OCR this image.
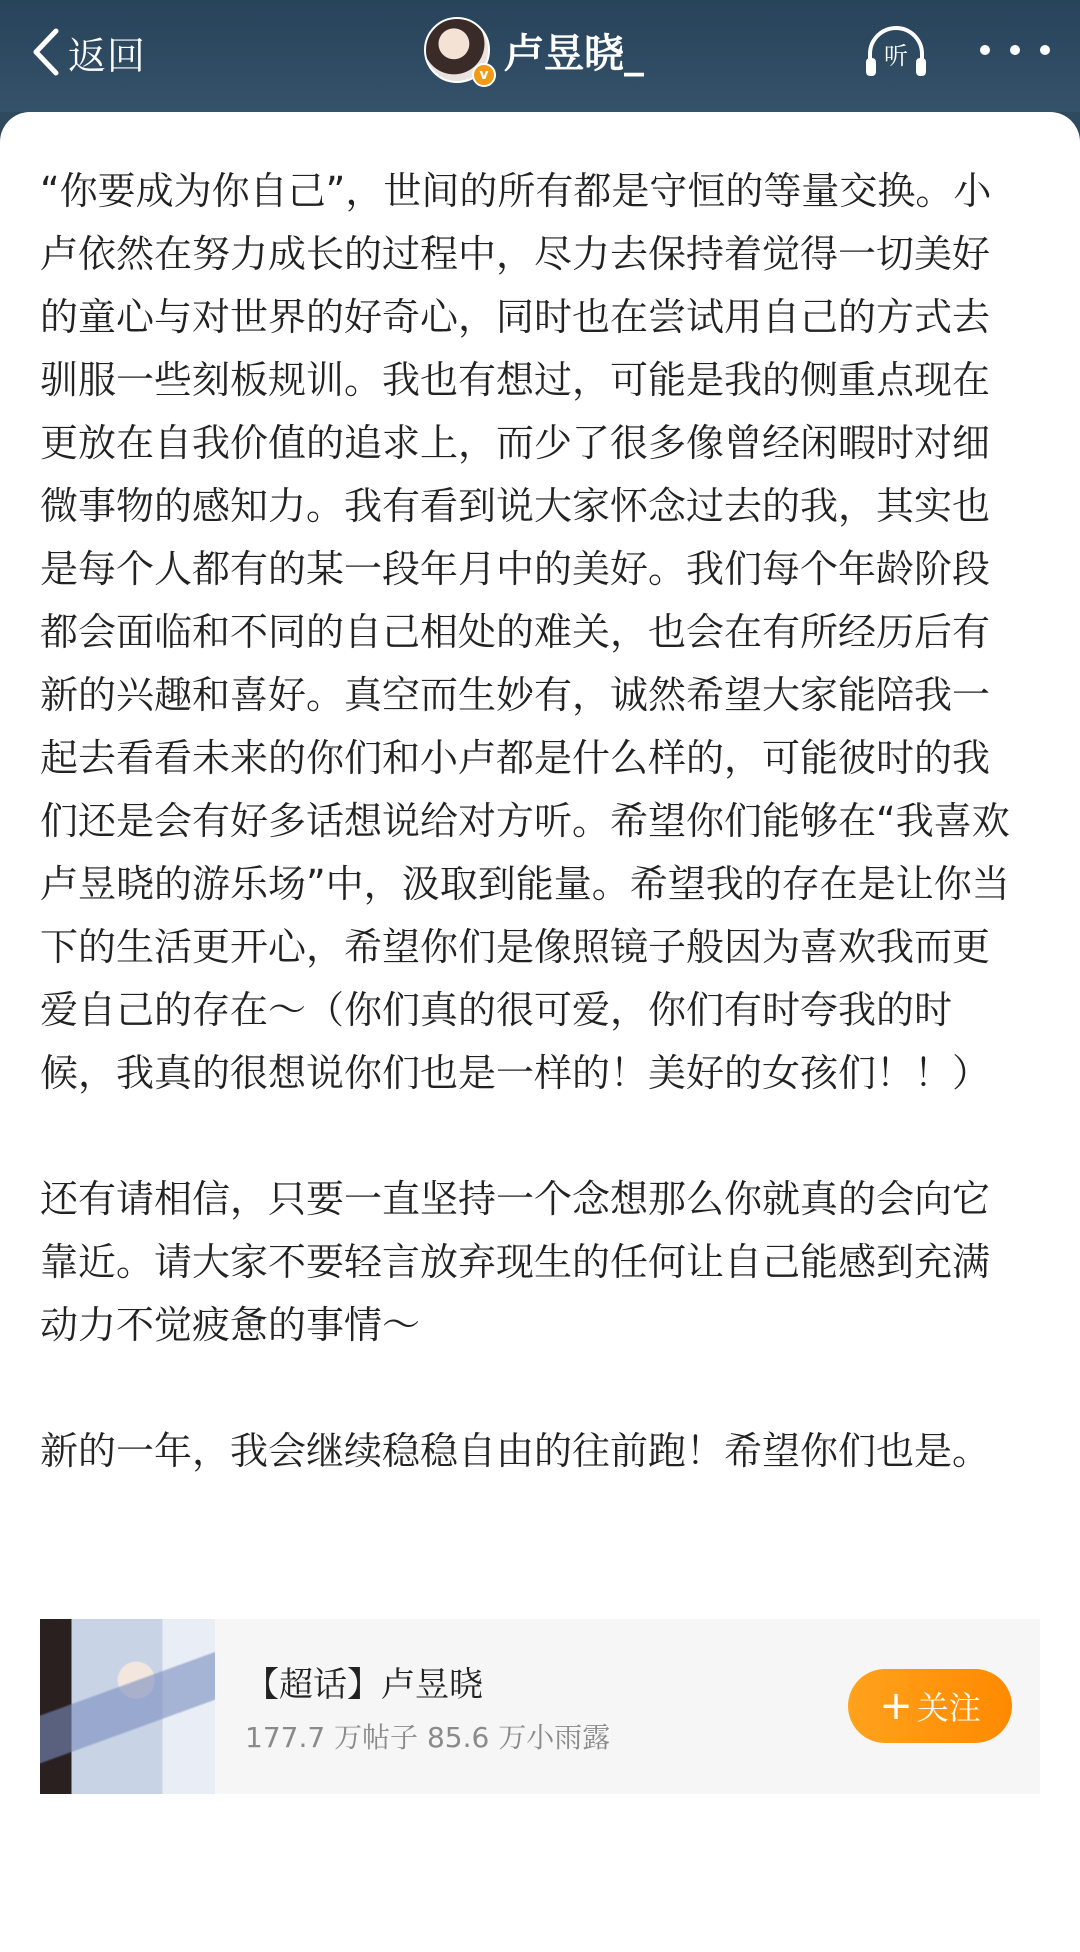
返回	v 卢昱晓_	听

“你要成为你自己”，世间的所有都是守恒的等量交换。小卢依然在努力成长的过程中，尽力去保持着觉得一切美好的童心与对世界的好奇心，同时也在尝试用自己的方式去驯服一些刻板规训。我也有想过，可能是我的侧重点现在更放在自我价值的追求上，而少了很多像曾经闲暇时对细微事物的感知力。我有看到说大家怀念过去的我，其实也是每个人都有的某一段年月中的美好。我们每个年龄阶段都会面临和不同的自己相处的难关，也会在有所经历后有新的兴趣和喜好。真空而生妙有，诚然希望大家能陪我一起去看看未来的你们和小卢都是什么样的，可能彼时的我们还是会有好多话想说给对方听。希望你们能够在“我喜欢卢昱晓的游乐场”中，汲取到能量。希望我的存在是让你当下的生活更开心，希望你们是像照镜子般因为喜欢我而更爱自己的存在～（你们真的很可爱，你们有时夸我的时候，我真的很想说你们也是一样的！美好的女孩们！！）

还有请相信，只要一直坚持一个念想那么你就真的会向它靠近。请大家不要轻言放弃现生的任何让自己能感到充满动力不觉疲惫的事情～

新的一年，我会继续稳稳自由的往前跑！希望你们也是。

【超话】卢昱晓
177.7 万帖子 85.6 万小雨露
+ 关注
